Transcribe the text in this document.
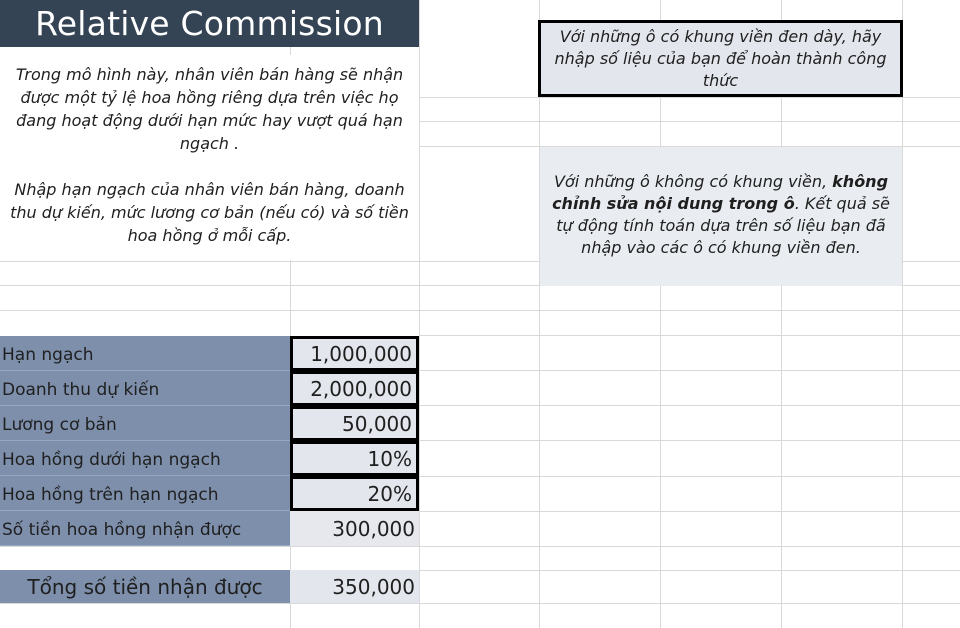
Relative Commission

Trong mô hình này, nhân viên bán hàng sẽ nhận được một tỷ lệ hoa hồng riêng dựa trên việc họ đang hoạt động dưới hạn mức hay vượt quá hạn ngạch .

Nhập hạn ngạch của nhân viên bán hàng, doanh thu dự kiến, mức lương cơ bản (nếu có) và số tiền hoa hồng ở mỗi cấp.

Hạn ngạch	1,000,000
Doanh thu dự kiến	2,000,000
Lương cơ bản	50,000
Hoa hồng dưới hạn ngạch	10%
Hoa hồng trên hạn ngạch	20%
Số tiền hoa hồng nhận được	300,000
Tổng số tiền nhận được	350,000
Với những ô có khung viền đen dày, hãy nhập số liệu của bạn để hoàn thành công thức
Với những ô không có khung viền, không chỉnh sửa nội dung trong ô. Kết quả sẽ tự động tính toán dựa trên số liệu bạn đã nhập vào các ô có khung viền đen.
